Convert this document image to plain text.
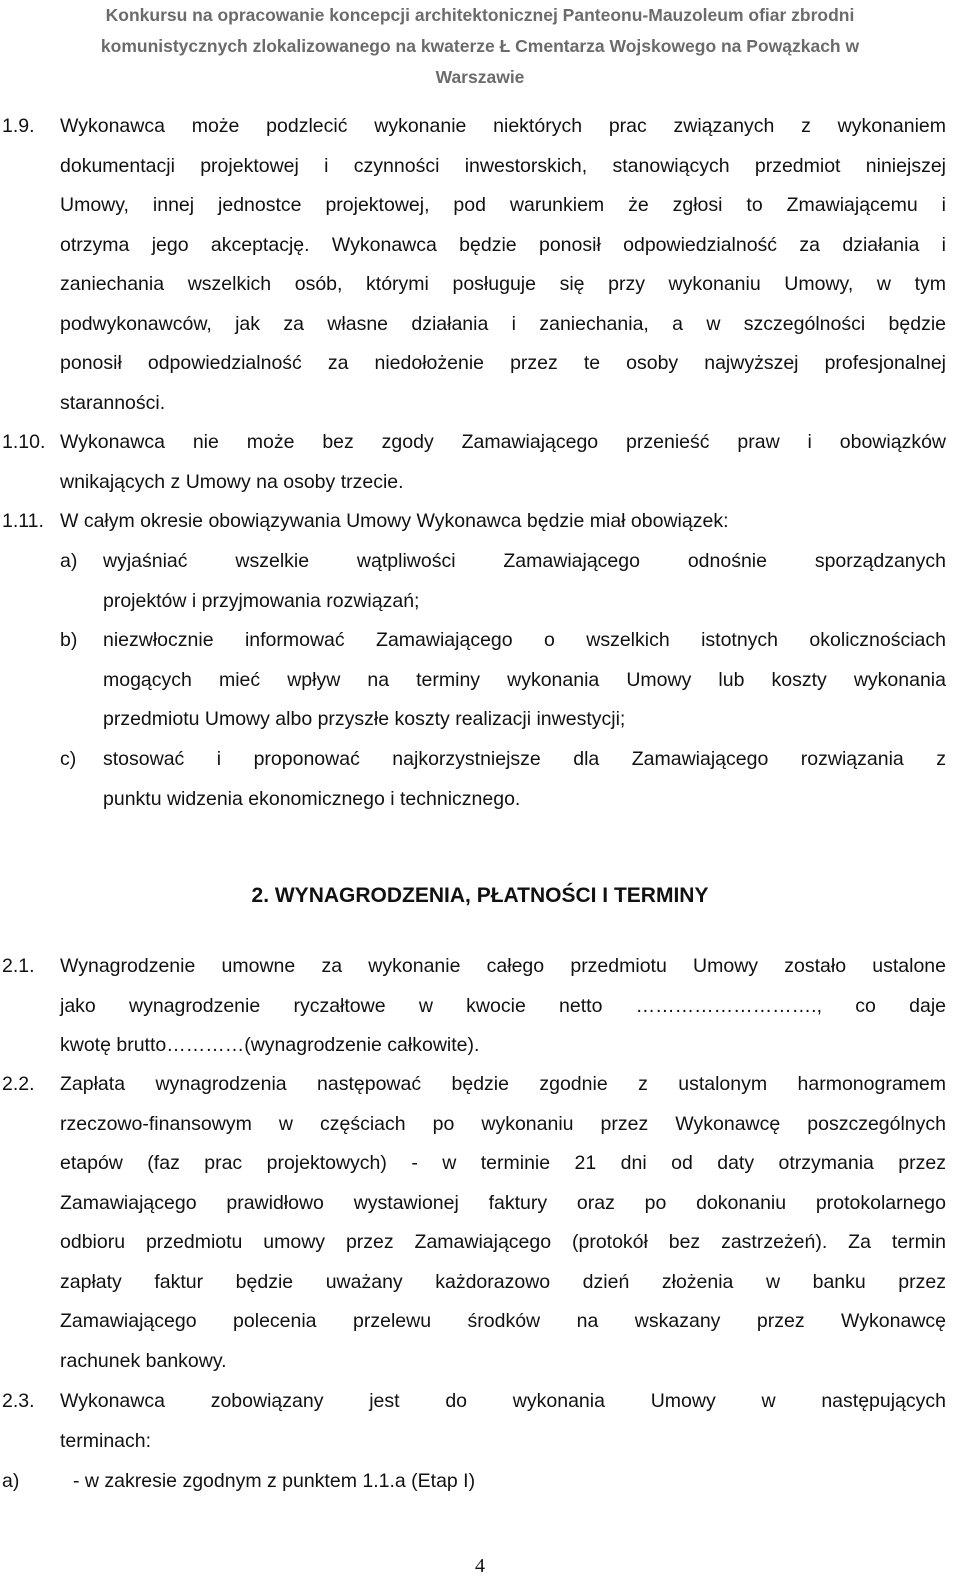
Konkursu na opracowanie koncepcji architektonicznej Panteonu-Mauzoleum ofiar zbrodni
komunistycznych zlokalizowanego na kwaterze Ł Cmentarza Wojskowego na Powązkach w
Warszawie
1.9. Wykonawca może podzlecić wykonanie niektórych prac związanych z wykonaniem
dokumentacji projektowej i czynności inwestorskich, stanowiących przedmiot niniejszej
Umowy, innej jednostce projektowej, pod warunkiem że zgłosi to Zmawiającemu i
otrzyma jego akceptację. Wykonawca będzie ponosił odpowiedzialność za działania i
zaniechania wszelkich osób, którymi posługuje się przy wykonaniu Umowy, w tym
podwykonawców, jak za własne działania i zaniechania, a w szczególności będzie
ponosił odpowiedzialność za niedołożenie przez te osoby najwyższej profesjonalnej
staranności.
1.10. Wykonawca nie może bez zgody Zamawiającego przenieść praw i obowiązków
wnikających z Umowy na osoby trzecie.
1.11. W całym okresie obowiązywania Umowy Wykonawca będzie miał obowiązek:
a) wyjaśniać wszelkie wątpliwości Zamawiającego odnośnie sporządzanych
projektów i przyjmowania rozwiązań;
b) niezwłocznie informować Zamawiającego o wszelkich istotnych okolicznościach
mogących mieć wpływ na terminy wykonania Umowy lub koszty wykonania
przedmiotu Umowy albo przyszłe koszty realizacji inwestycji;
c) stosować i proponować najkorzystniejsze dla Zamawiającego rozwiązania z
punktu widzenia ekonomicznego i technicznego.
2. WYNAGRODZENIA, PŁATNOŚCI I TERMINY
2.1. Wynagrodzenie umowne za wykonanie całego przedmiotu Umowy zostało ustalone
jako wynagrodzenie ryczałtowe w kwocie netto ………………………., co daje
kwotę brutto…………(wynagrodzenie całkowite).
2.2. Zapłata wynagrodzenia następować będzie zgodnie z ustalonym harmonogramem
rzeczowo-finansowym w częściach po wykonaniu przez Wykonawcę poszczególnych
etapów (faz prac projektowych) - w terminie 21 dni od daty otrzymania przez
Zamawiającego prawidłowo wystawionej faktury oraz po dokonaniu protokolarnego
odbioru przedmiotu umowy przez Zamawiającego (protokół bez zastrzeżeń). Za termin
zapłaty faktur będzie uważany każdorazowo dzień złożenia w banku przez
Zamawiającego polecenia przelewu środków na wskazany przez Wykonawcę
rachunek bankowy.
2.3. Wykonawca zobowiązany jest do wykonania Umowy w następujących
terminach:
a)	- w zakresie zgodnym z punktem 1.1.a (Etap I)
4
